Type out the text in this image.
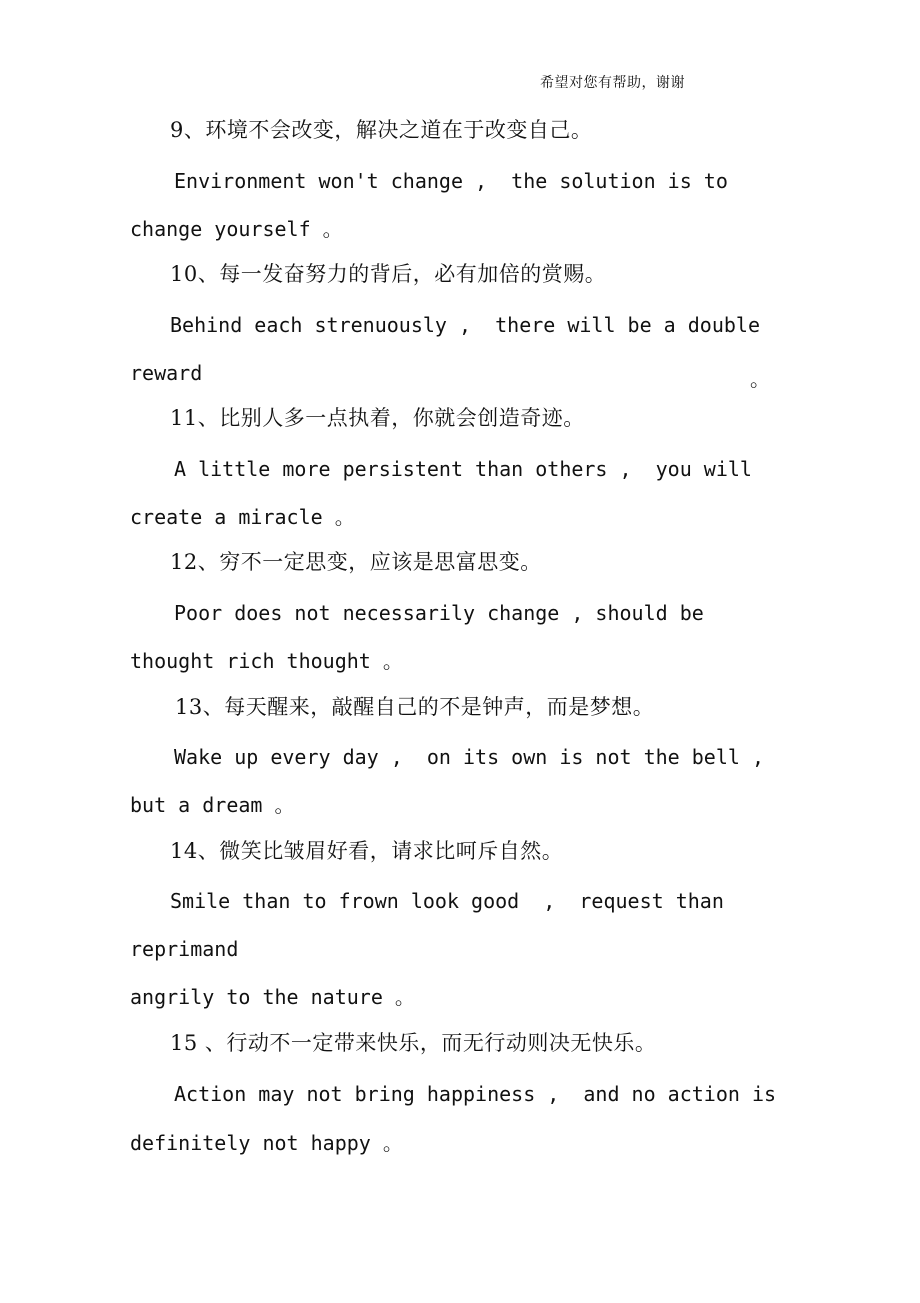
希望对您有帮助，谢谢
9、环境不会改变，解决之道在于改变自己。
Environment won't change ,  the solution is to
change yourself 。
10、每一发奋努力的背后，必有加倍的赏赐。
Behind each strenuously ,  there will be a double
reward	。
11、比别人多一点执着，你就会创造奇迹。
A little more persistent than others ,  you will
create a miracle 。
12、穷不一定思变，应该是思富思变。
Poor does not necessarily change , should be
thought rich thought 。
13、每天醒来，敲醒自己的不是钟声，而是梦想。
Wake up every day ,  on its own is not the bell ,
but a dream 。
14、微笑比皱眉好看，请求比呵斥自然。
Smile than to frown look good  ,  request than
reprimand
angrily to the nature 。
15 、行动不一定带来快乐，而无行动则决无快乐。
Action may not bring happiness ,  and no action is
definitely not happy 。
